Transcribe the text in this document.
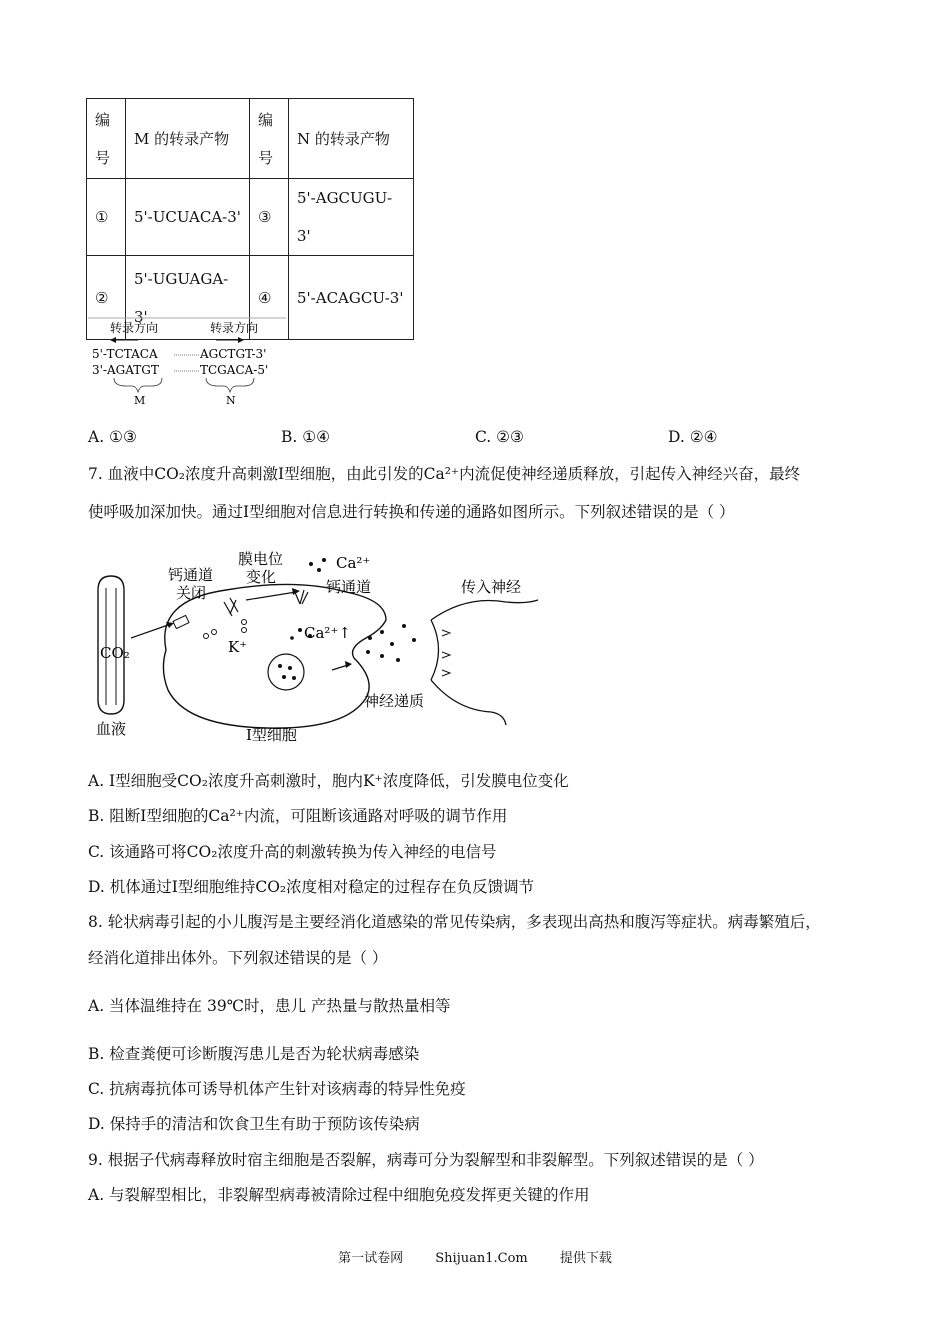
编号	M 的转录产物	编号	N 的转录产物
①	5'-UCUACA-3'	③	5'-AGCUGU-3'
②	5'-UGUAGA-3'	④	5'-ACAGCU-3'
转录方向	转录方向
5'-TCTACA	AGCTGT-3'
3'-AGATGT	TCGACA-5'
M	N
A. ①③	B. ①④	C. ②③	D. ②④
7. 血液中CO₂浓度升高刺激Ⅰ型细胞，由此引发的Ca²⁺内流促使神经递质释放，引起传入神经兴奋，最终
使呼吸加深加快。通过Ⅰ型细胞对信息进行转换和传递的通路如图所示。下列叙述错误的是（ ）
钙通道
关闭
膜电位
变化
Ca²⁺
钙通道	传入神经
CO₂	K⁺
Ca²⁺↑
神经递质
血液	Ⅰ型细胞
A. Ⅰ型细胞受CO₂浓度升高刺激时，胞内K⁺浓度降低，引发膜电位变化
B. 阻断Ⅰ型细胞的Ca²⁺内流，可阻断该通路对呼吸的调节作用
C. 该通路可将CO₂浓度升高的刺激转换为传入神经的电信号
D. 机体通过Ⅰ型细胞维持CO₂浓度相对稳定的过程存在负反馈调节
8. 轮状病毒引起的小儿腹泻是主要经消化道感染的常见传染病，多表现出高热和腹泻等症状。病毒繁殖后，
经消化道排出体外。下列叙述错误的是（ ）
A. 当体温维持在 39℃时，患儿 产热量与散热量相等
B. 检查粪便可诊断腹泻患儿是否为轮状病毒感染
C. 抗病毒抗体可诱导机体产生针对该病毒的特异性免疫
D. 保持手的清洁和饮食卫生有助于预防该传染病
9. 根据子代病毒释放时宿主细胞是否裂解，病毒可分为裂解型和非裂解型。下列叙述错误的是（ ）
A. 与裂解型相比，非裂解型病毒被清除过程中细胞免疫发挥更关键的作用
第一试卷网 Shijuan1.Com 提供下载
